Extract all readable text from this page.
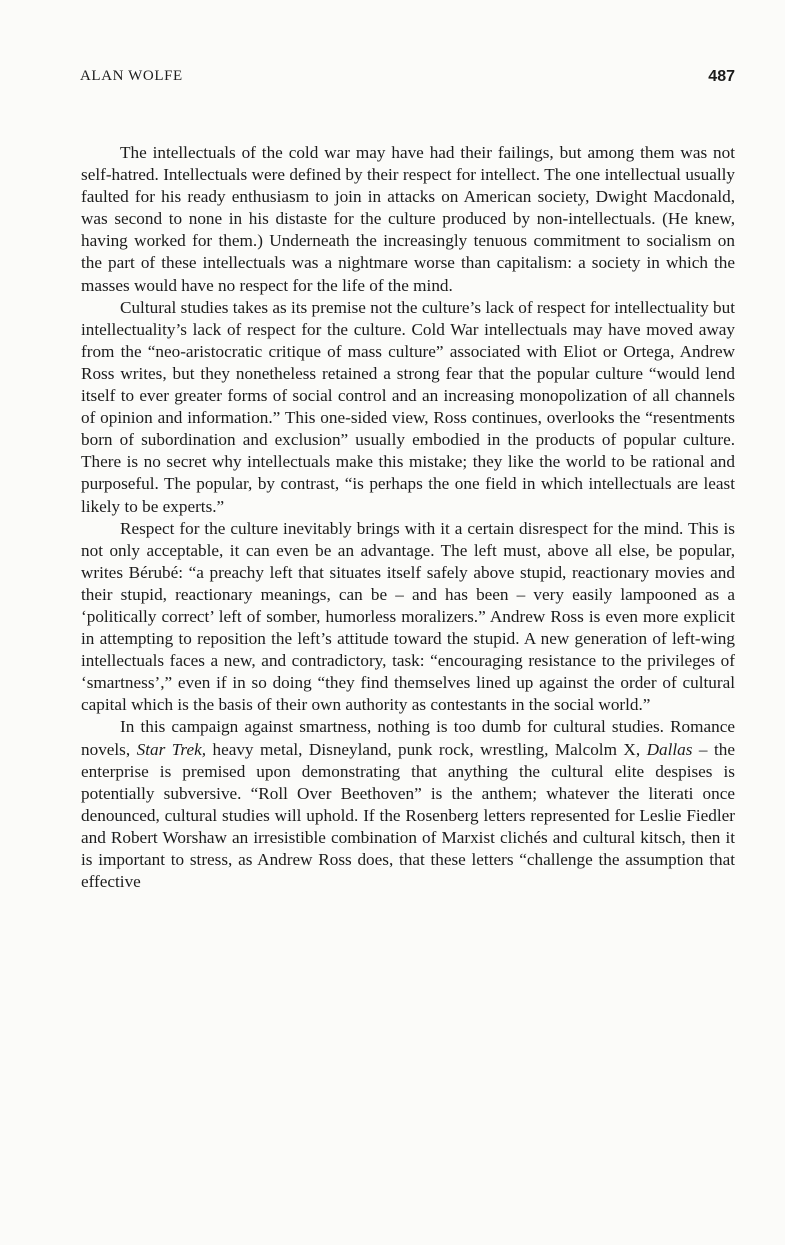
ALAN WOLFE	487

The intellectuals of the cold war may have had their failings, but among them was not self-hatred. Intellectuals were defined by their respect for intellect. The one intellectual usually faulted for his ready enthusiasm to join in attacks on American society, Dwight Macdonald, was second to none in his distaste for the culture produced by non-intellectuals. (He knew, having worked for them.) Underneath the increasingly tenuous commitment to socialism on the part of these intellectuals was a nightmare worse than capitalism: a society in which the masses would have no respect for the life of the mind.

Cultural studies takes as its premise not the culture’s lack of respect for intellectuality but intellectuality’s lack of respect for the culture. Cold War intellectuals may have moved away from the “neo-aristocratic critique of mass culture” associated with Eliot or Ortega, Andrew Ross writes, but they nonetheless retained a strong fear that the popular culture “would lend itself to ever greater forms of social control and an increasing monopolization of all channels of opinion and information.” This one-sided view, Ross continues, overlooks the “resentments born of subordination and exclusion” usually embodied in the products of popular culture. There is no secret why intellectuals make this mistake; they like the world to be rational and purposeful. The popular, by contrast, “is perhaps the one field in which intellectuals are least likely to be experts.”

Respect for the culture inevitably brings with it a certain disrespect for the mind. This is not only acceptable, it can even be an advantage. The left must, above all else, be popular, writes Bérubé: “a preachy left that situates itself safely above stupid, reactionary movies and their stupid, reactionary meanings, can be – and has been – very easily lampooned as a ‘politically correct’ left of somber, humorless moralizers.” Andrew Ross is even more explicit in attempting to reposition the left’s attitude toward the stupid. A new generation of left-wing intellectuals faces a new, and contradictory, task: “encouraging resistance to the privileges of ‘smartness’,” even if in so doing “they find themselves lined up against the order of cultural capital which is the basis of their own authority as contestants in the social world.”

In this campaign against smartness, nothing is too dumb for cultural studies. Romance novels, Star Trek, heavy metal, Disneyland, punk rock, wrestling, Malcolm X, Dallas – the enterprise is premised upon demonstrating that anything the cultural elite despises is potentially subversive. “Roll Over Beethoven” is the anthem; whatever the literati once denounced, cultural studies will uphold. If the Rosenberg letters represented for Leslie Fiedler and Robert Worshaw an irresistible combination of Marxist clichés and cultural kitsch, then it is important to stress, as Andrew Ross does, that these letters “challenge the assumption that effective
